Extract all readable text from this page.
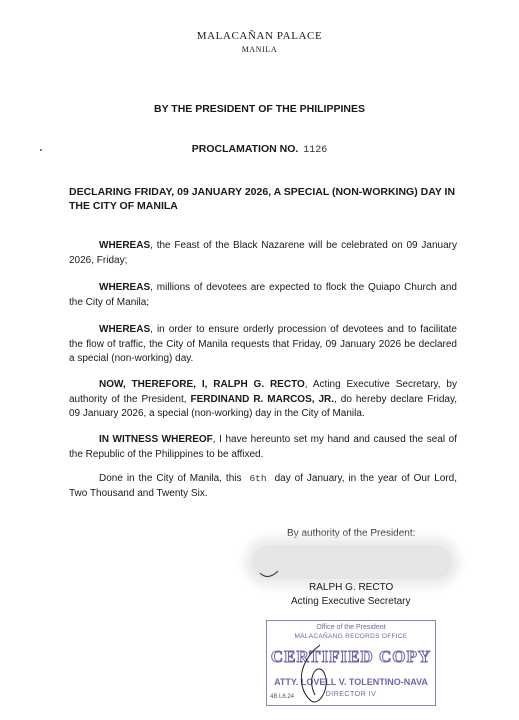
MALACAÑAN PALACE
MANILA
BY THE PRESIDENT OF THE PHILIPPINES
PROCLAMATION NO. 1126
DECLARING FRIDAY, 09 JANUARY 2026, A SPECIAL (NON-WORKING) DAY IN THE CITY OF MANILA
WHEREAS, the Feast of the Black Nazarene will be celebrated on 09 January 2026, Friday;
WHEREAS, millions of devotees are expected to flock the Quiapo Church and the City of Manila;
WHEREAS, in order to ensure orderly procession of devotees and to facilitate the flow of traffic, the City of Manila requests that Friday, 09 January 2026 be declared a special (non-working) day.
NOW, THEREFORE, I, RALPH G. RECTO, Acting Executive Secretary, by authority of the President, FERDINAND R. MARCOS, JR., do hereby declare Friday, 09 January 2026, a special (non-working) day in the City of Manila.
IN WITNESS WHEREOF, I have hereunto set my hand and caused the seal of the Republic of the Philippines to be affixed.
Done in the City of Manila, this 6th day of January, in the year of Our Lord, Two Thousand and Twenty Six.
By authority of the President:
RALPH G. RECTO
Acting Executive Secretary
Office of the President
MALACAÑANG RECORDS OFFICE
CERTIFIED COPY
ATTY. LOVELL V. TOLENTINO-NAVA
DIRECTOR IV
4B L6.24
